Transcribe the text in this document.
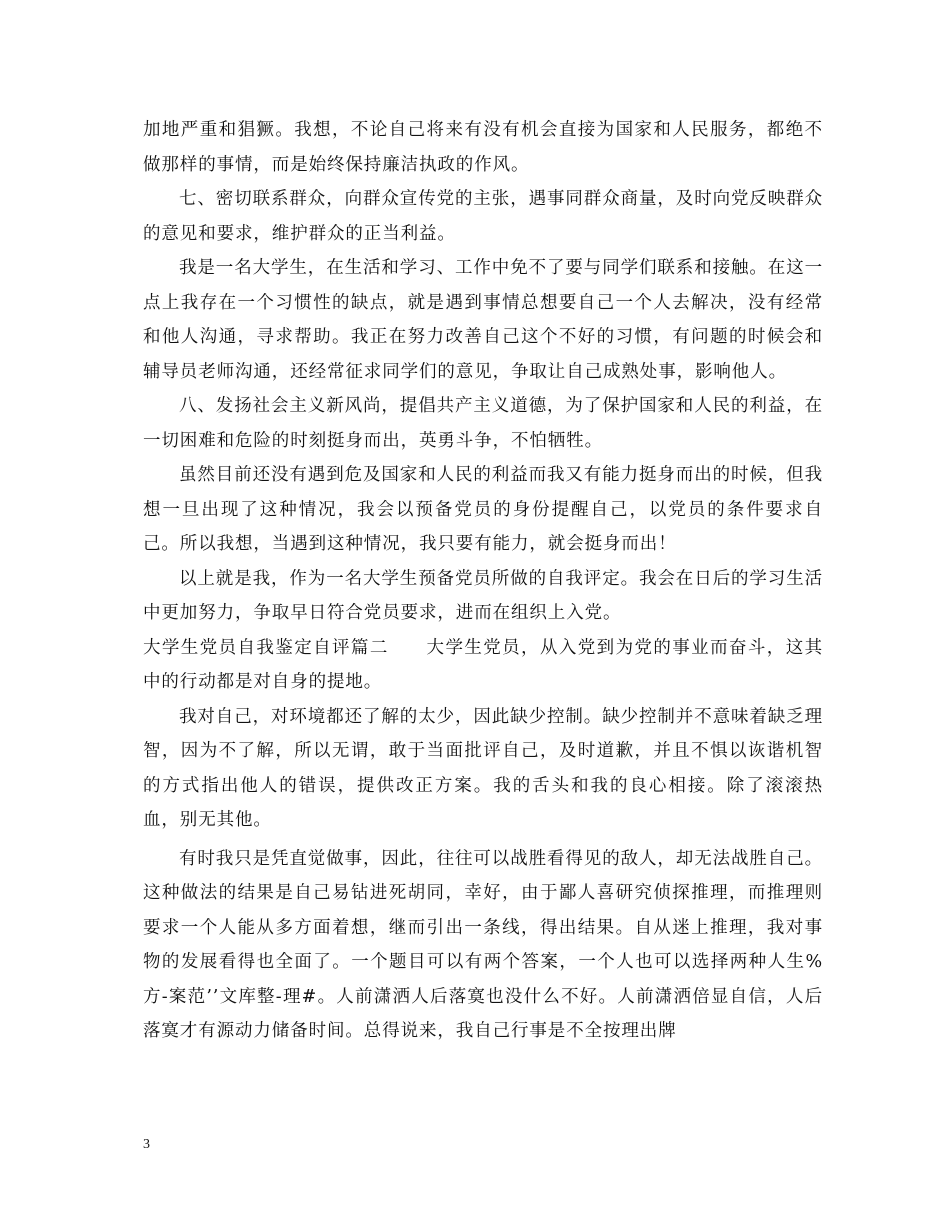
加地严重和猖獗。我想，不论自己将来有没有机会直接为国家和人民服务，都绝不做那样的事情，而是始终保持廉洁执政的作风。

七、密切联系群众，向群众宣传党的主张，遇事同群众商量，及时向党反映群众的意见和要求，维护群众的正当利益。

我是一名大学生，在生活和学习、工作中免不了要与同学们联系和接触。在这一点上我存在一个习惯性的缺点，就是遇到事情总想要自己一个人去解决，没有经常和他人沟通，寻求帮助。我正在努力改善自己这个不好的习惯，有问题的时候会和辅导员老师沟通，还经常征求同学们的意见，争取让自己成熟处事，影响他人。

八、发扬社会主义新风尚，提倡共产主义道德，为了保护国家和人民的利益，在一切困难和危险的时刻挺身而出，英勇斗争，不怕牺牲。

虽然目前还没有遇到危及国家和人民的利益而我又有能力挺身而出的时候，但我想一旦出现了这种情况，我会以预备党员的身份提醒自己，以党员的条件要求自己。所以我想，当遇到这种情况，我只要有能力，就会挺身而出！

以上就是我，作为一名大学生预备党员所做的自我评定。我会在日后的学习生活中更加努力，争取早日符合党员要求，进而在组织上入党。

大学生党员自我鉴定自评篇二　　大学生党员，从入党到为党的事业而奋斗，这其中的行动都是对自身的提地。

我对自己，对环境都还了解的太少，因此缺少控制。缺少控制并不意味着缺乏理智，因为不了解，所以无谓，敢于当面批评自己，及时道歉，并且不惧以诙谐机智的方式指出他人的错误，提供改正方案。我的舌头和我的良心相接。除了滚滚热血，别无其他。

有时我只是凭直觉做事，因此，往往可以战胜看得见的敌人，却无法战胜自己。这种做法的结果是自己易钻进死胡同，幸好，由于鄙人喜研究侦探推理，而推理则要求一个人能从多方面着想，继而引出一条线，得出结果。自从迷上推理，我对事物的发展看得也全面了。一个题目可以有两个答案，一个人也可以选择两种人生%方-案范’’文库整-理#。人前潇洒人后落寞也没什么不好。人前潇洒倍显自信，人后落寞才有源动力储备时间。总得说来，我自己行事是不全按理出牌

3
